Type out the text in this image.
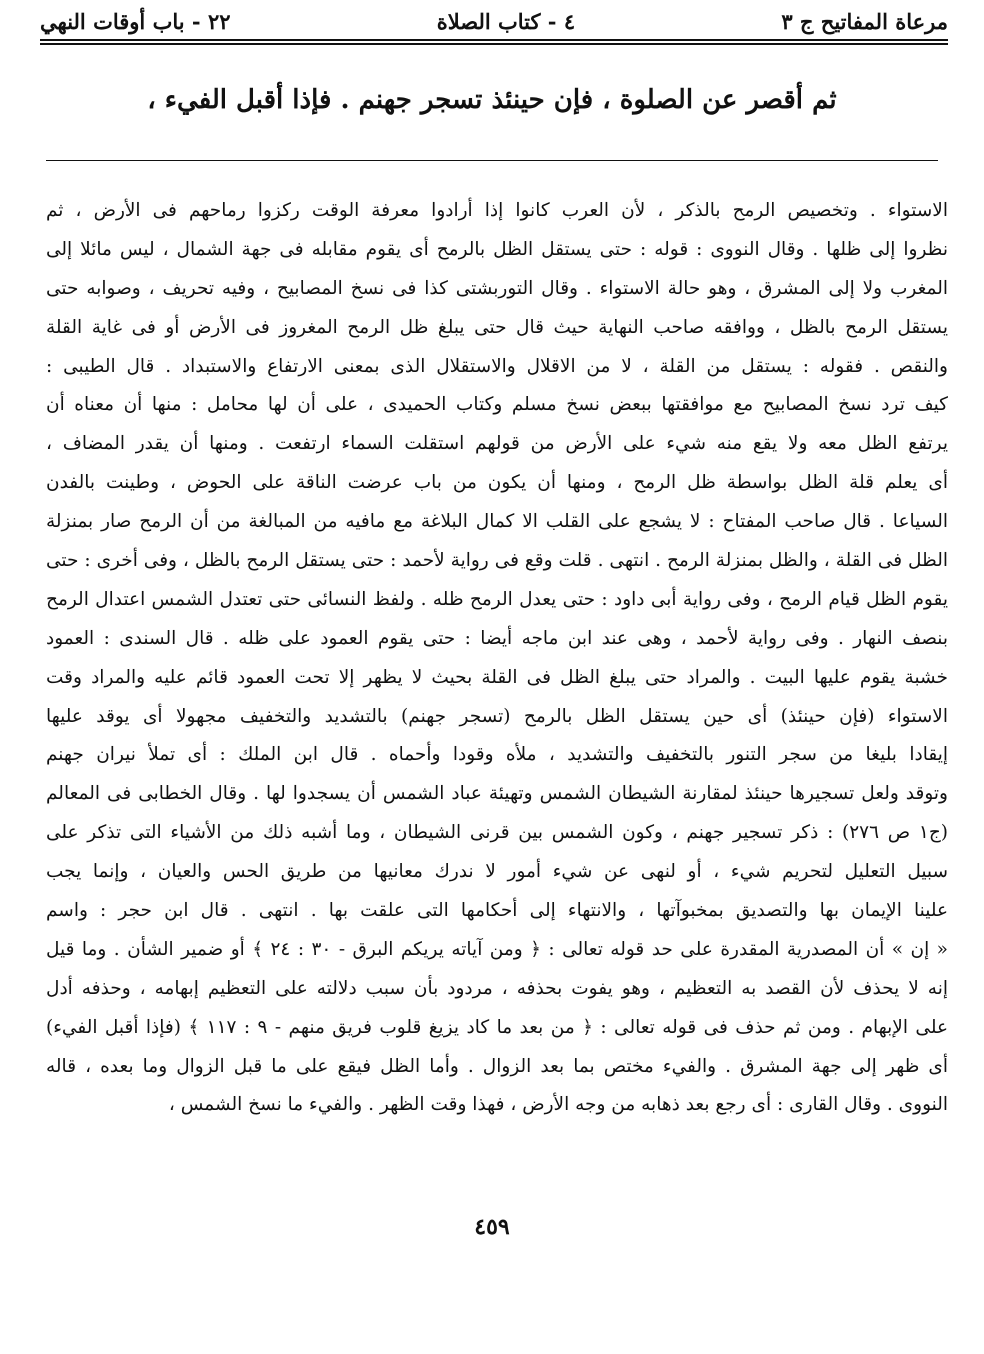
مرعاة المفاتيح ج ٣
٤ - كتاب الصلاة
٢٢ - باب أوقات النهي
ثم أقصر عن الصلوة ، فإن حينئذ تسجر جهنم . فإذا أقبل الفيء ،
الاستواء . وتخصيص الرمح بالذكر ، لأن العرب كانوا إذا أرادوا معرفة الوقت ركزوا رماحهم فى الأرض ، ثم
نظروا إلى ظلها . وقال النووى : قوله : حتى يستقل الظل بالرمح أى يقوم مقابله فى جهة الشمال ، ليس مائلا إلى
المغرب ولا إلى المشرق ، وهو حالة الاستواء . وقال التوربشتى كذا فى نسخ المصابيح ، وفيه تحريف ، وصوابه حتى
يستقل الرمح بالظل ، ووافقه صاحب النهاية حيث قال حتى يبلغ ظل الرمح المغروز فى الأرض أو فى غاية القلة
والنقص . فقوله : يستقل من القلة ، لا من الاقلال والاستقلال الذى بمعنى الارتفاع والاستبداد . قال الطيبى :
كيف ترد نسخ المصابيح مع موافقتها ببعض نسخ مسلم وكتاب الحميدى ، على أن لها محامل : منها أن معناه أن
يرتفع الظل معه ولا يقع منه شيء على الأرض من قولهم استقلت السماء ارتفعت . ومنها أن يقدر المضاف ،
أى يعلم قلة الظل بواسطة ظل الرمح ، ومنها أن يكون من باب عرضت الناقة على الحوض ، وطينت بالفدن
السياعا . قال صاحب المفتاح : لا يشجع على القلب الا كمال البلاغة مع مافيه من المبالغة من أن الرمح صار بمنزلة
الظل فى القلة ، والظل بمنزلة الرمح . انتهى . قلت وقع فى رواية لأحمد : حتى يستقل الرمح بالظل ، وفى أخرى : حتى
يقوم الظل قيام الرمح ، وفى رواية أبى داود : حتى يعدل الرمح ظله . ولفظ النسائى حتى تعتدل الشمس اعتدال الرمح
بنصف النهار . وفى رواية لأحمد ، وهى عند ابن ماجه أيضا : حتى يقوم العمود على ظله . قال السندى : العمود
خشبة يقوم عليها البيت . والمراد حتى يبلغ الظل فى القلة بحيث لا يظهر إلا تحت العمود قائم عليه والمراد وقت
الاستواء (فإن حينئذ) أى حين يستقل الظل بالرمح (تسجر جهنم) بالتشديد والتخفيف مجهولا أى يوقد عليها
إيقادا بليغا من سجر التنور بالتخفيف والتشديد ، ملأه وقودا وأحماه . قال ابن الملك : أى تملأ نيران جهنم
وتوقد ولعل تسجيرها حينئذ لمقارنة الشيطان الشمس وتهيئة عباد الشمس أن يسجدوا لها . وقال الخطابى فى المعالم
(ج١ ص ٢٧٦) : ذكر تسجير جهنم ، وكون الشمس بين قرنى الشيطان ، وما أشبه ذلك من الأشياء التى تذكر على
سبيل التعليل لتحريم شيء ، أو لنهى عن شيء أمور لا ندرك معانيها من طريق الحس والعيان ، وإنما يجب
علينا الإيمان بها والتصديق بمخبوآتها ، والانتهاء إلى أحكامها التى علقت بها . انتهى . قال ابن حجر : واسم
« إن » أن المصدرية المقدرة على حد قوله تعالى : ﴿ ومن آياته يريكم البرق - ٣٠ : ٢٤ ﴾ أو ضمير الشأن . وما قيل
إنه لا يحذف لأن القصد به التعظيم ، وهو يفوت بحذفه ، مردود بأن سبب دلالته على التعظيم إبهامه ، وحذفه أدل
على الإبهام . ومن ثم حذف فى قوله تعالى : ﴿ من بعد ما كاد يزيغ قلوب فريق منهم - ٩ : ١١٧ ﴾ (فإذا أقبل الفيء)
أى ظهر إلى جهة المشرق . والفيء مختص بما بعد الزوال . وأما الظل فيقع على ما قبل الزوال وما بعده ، قاله
النووى . وقال القارى : أى رجع بعد ذهابه من وجه الأرض ، فهذا وقت الظهر . والفيء ما نسخ الشمس ،
٤٥٩
